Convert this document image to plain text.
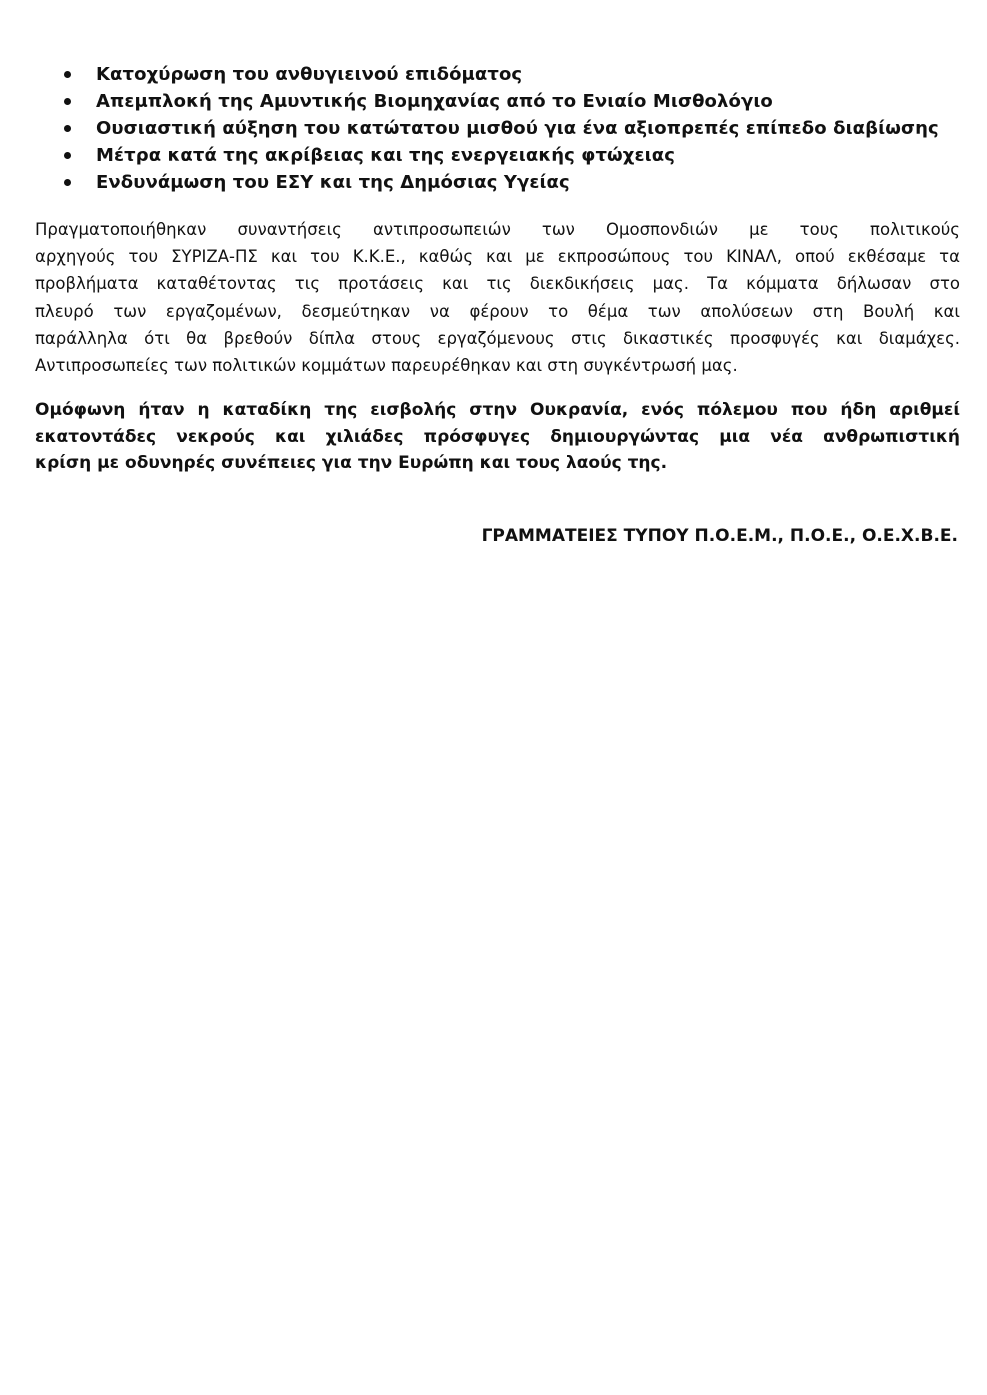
Κατοχύρωση του ανθυγιεινού επιδόματος
Απεμπλοκή της Αμυντικής Βιομηχανίας από το Ενιαίο Μισθολόγιο
Ουσιαστική αύξηση του κατώτατου μισθού για ένα αξιοπρεπές επίπεδο διαβίωσης
Μέτρα κατά της ακρίβειας και της ενεργειακής φτώχειας
Ενδυνάμωση του ΕΣΥ και της Δημόσιας Υγείας

Πραγματοποιήθηκαν συναντήσεις αντιπροσωπειών των Ομοσπονδιών με τους πολιτικούς
αρχηγούς του ΣΥΡΙΖΑ-ΠΣ και του Κ.Κ.Ε., καθώς και με εκπροσώπους του ΚΙΝΑΛ, οπού εκθέσαμε τα
προβλήματα καταθέτοντας τις προτάσεις και τις διεκδικήσεις μας. Τα κόμματα δήλωσαν στο
πλευρό των εργαζομένων, δεσμεύτηκαν να φέρουν το θέμα των απολύσεων στη Βουλή και
παράλληλα ότι θα βρεθούν δίπλα στους εργαζόμενους στις δικαστικές προσφυγές και διαμάχες.
Αντιπροσωπείες των πολιτικών κομμάτων παρευρέθηκαν και στη συγκέντρωσή μας.

Ομόφωνη ήταν η καταδίκη της εισβολής στην Ουκρανία, ενός πόλεμου που ήδη αριθμεί
εκατοντάδες νεκρούς και χιλιάδες πρόσφυγες δημιουργώντας μια νέα ανθρωπιστική
κρίση με οδυνηρές συνέπειες για την Ευρώπη και τους λαούς της.

ΓΡΑΜΜΑΤΕΙΕΣ ΤΥΠΟΥ Π.Ο.Ε.Μ., Π.Ο.Ε., Ο.Ε.Χ.Β.Ε.
